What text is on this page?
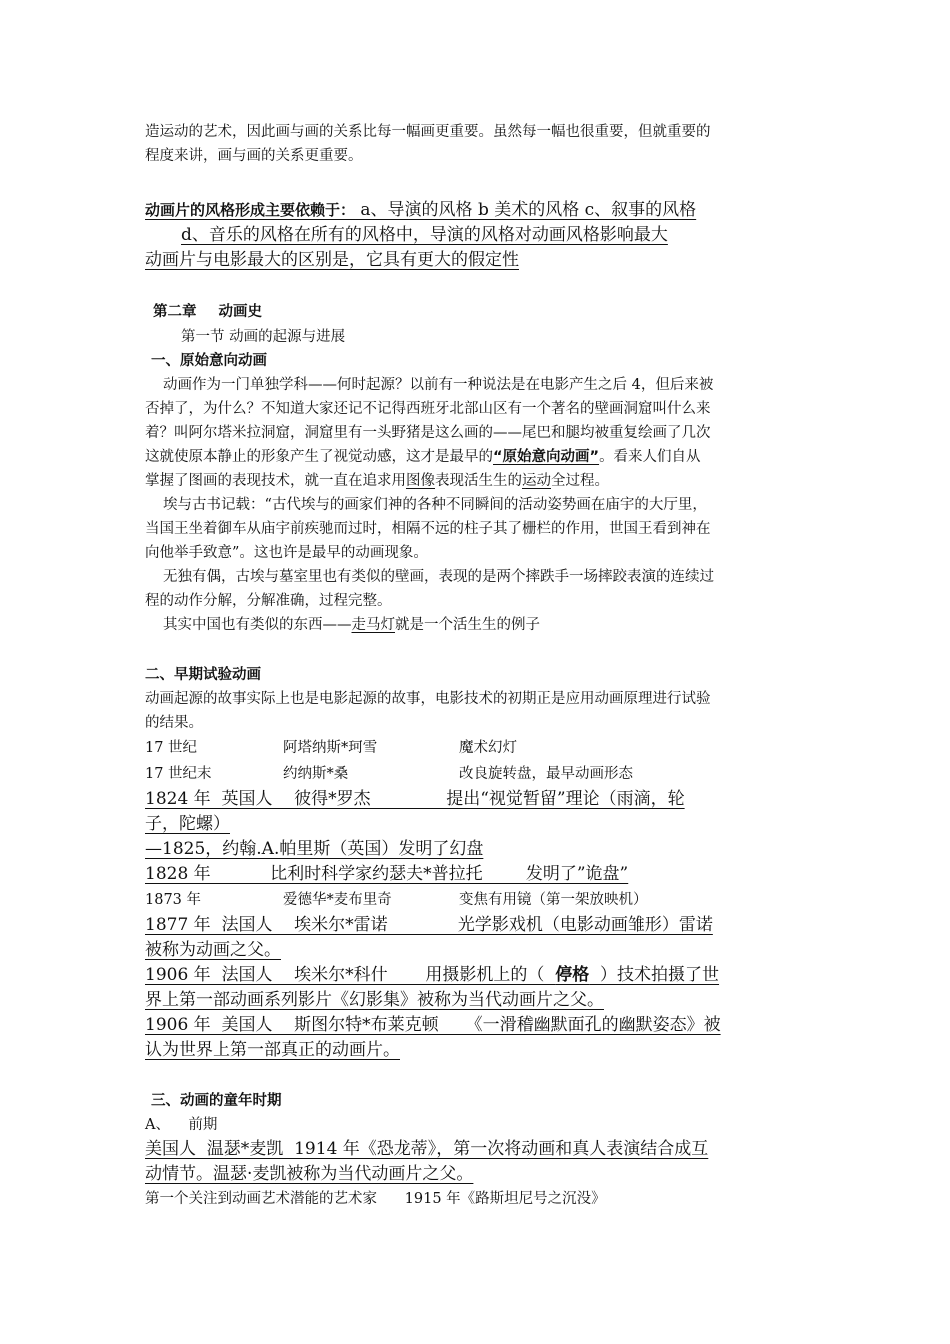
造运动的艺术，因此画与画的关系比每一幅画更重要。虽然每一幅也很重要，但就重要的

程度来讲，画与画的关系更重要。

动画片的风格形成主要依赖于： a、导演的风格 b 美术的风格 c、叙事的风格

d、音乐的风格在所有的风格中，导演的风格对动画风格影响最大

动画片与电影最大的区别是，它具有更大的假定性

第二章 动画史

第一节 动画的起源与进展

一、原始意向动画

动画作为一门单独学科——何时起源？以前有一种说法是在电影产生之后 4，但后来被

否掉了，为什么？不知道大家还记不记得西班牙北部山区有一个著名的壁画洞窟叫什么来

着？叫阿尔塔米拉洞窟，洞窟里有一头野猪是这么画的——尾巴和腿均被重复绘画了几次

这就使原本静止的形象产生了视觉动感，这才是最早的“原始意向动画”。看来人们自从

掌握了图画的表现技术，就一直在追求用图像表现活生生的运动全过程。

埃与古书记载：“古代埃与的画家们神的各种不同瞬间的活动姿势画在庙宇的大厅里，

当国王坐着御车从庙宇前疾驰而过时，相隔不远的柱子其了栅栏的作用，世国王看到神在

向他举手致意”。这也许是最早的动画现象。

无独有偶，古埃与墓室里也有类似的壁画，表现的是两个摔跌手一场摔跤表演的连续过

程的动作分解，分解准确，过程完整。

其实中国也有类似的东西——走马灯就是一个活生生的例子

二、早期试验动画

动画起源的故事实际上也是电影起源的故事，电影技术的初期正是应用动画原理进行试验

的结果。

17 世纪	阿塔纳斯*珂雪	魔术幻灯
17 世纪末	约纳斯*桑	改良旋转盘，最早动画形态

1824 年  英国人    彼得*罗杰              提出“视觉暂留”理论（雨滴，轮

子，陀螺）

—1825，约翰.A.帕里斯（英国）发明了幻盘

1828 年           比利时科学家约瑟夫*普拉托        发明了”诡盘”

1873 年	爱德华*麦布里奇	变焦有用镜（第一架放映机）

1877 年  法国人    埃米尔*雷诺             光学影戏机（电影动画雏形）雷诺

被称为动画之父。

1906 年  法国人    埃米尔*科什       用摄影机上的（  停格  ）技术拍摄了世

界上第一部动画系列影片《幻影集》被称为当代动画片之父。

1906 年  美国人    斯图尔特*布莱克顿     《一滑稽幽默面孔的幽默姿态》被

认为世界上第一部真正的动画片。

三、动画的童年时期

A、    前期

美国人  温瑟*麦凯  1914 年《恐龙蒂》，第一次将动画和真人表演结合成互

动情节。温瑟·麦凯被称为当代动画片之父。

第一个关注到动画艺术潜能的艺术家      1915 年《路斯坦尼号之沉没》
